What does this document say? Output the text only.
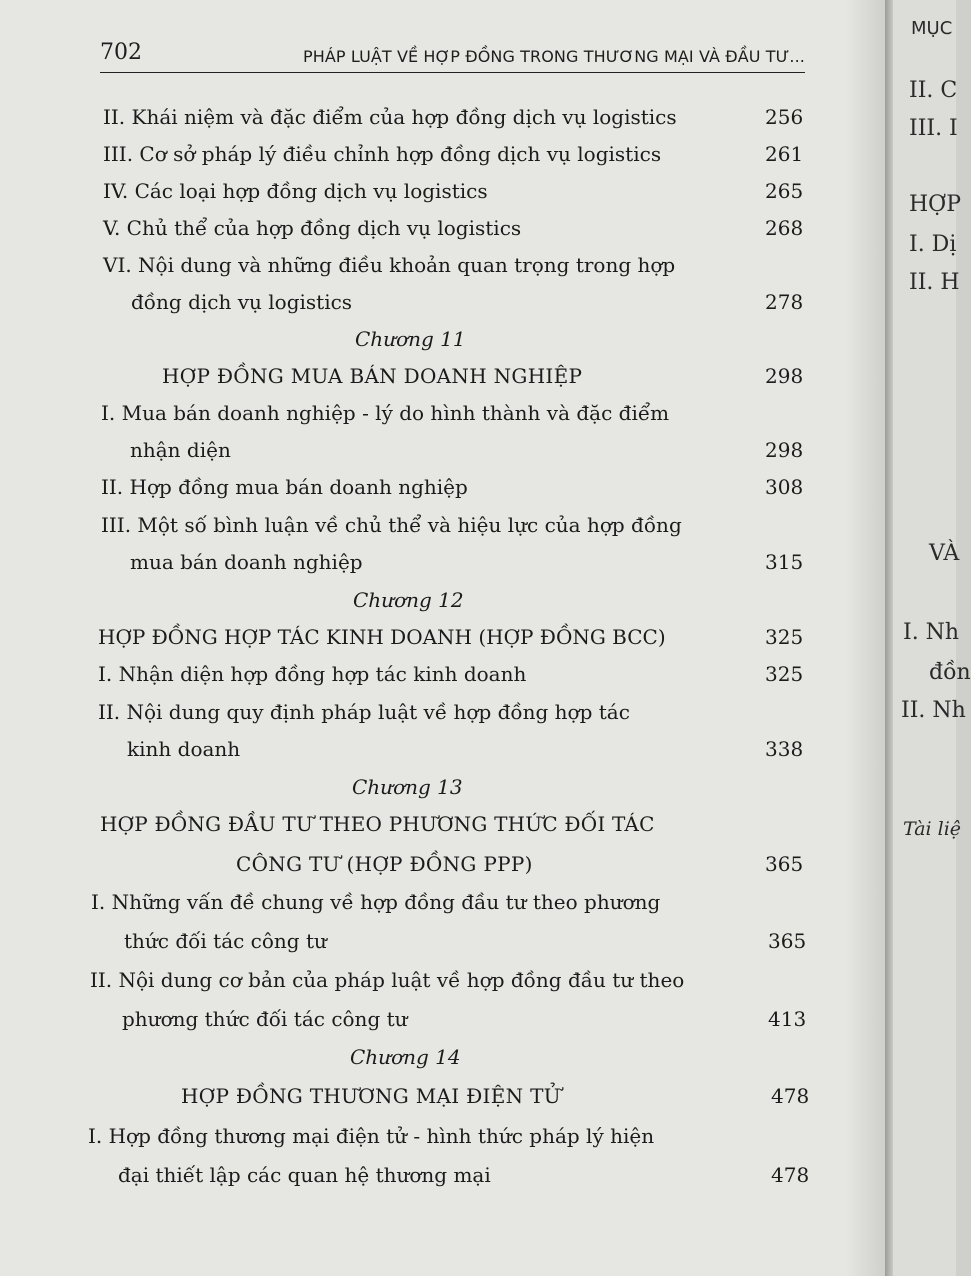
702	PHÁP LUẬT VỀ HỢP ĐỒNG TRONG THƯƠNG MẠI VÀ ĐẦU TƯ...
II. Khái niệm và đặc điểm của hợp đồng dịch vụ logistics	256
III. Cơ sở pháp lý điều chỉnh hợp đồng dịch vụ logistics	261
IV. Các loại hợp đồng dịch vụ logistics	265
V. Chủ thể của hợp đồng dịch vụ logistics	268
VI. Nội dung và những điều khoản quan trọng trong hợp
đồng dịch vụ logistics	278
Chương 11
HỢP ĐỒNG MUA BÁN DOANH NGHIỆP	298
I. Mua bán doanh nghiệp - lý do hình thành và đặc điểm
nhận diện	298
II. Hợp đồng mua bán doanh nghiệp	308
III. Một số bình luận về chủ thể và hiệu lực của hợp đồng
mua bán doanh nghiệp	315
Chương 12
HỢP ĐỒNG HỢP TÁC KINH DOANH (HỢP ĐỒNG BCC)	325
I. Nhận diện hợp đồng hợp tác kinh doanh	325
II. Nội dung quy định pháp luật về hợp đồng hợp tác
kinh doanh	338
Chương 13
HỢP ĐỒNG ĐẦU TƯ THEO PHƯƠNG THỨC ĐỐI TÁC
CÔNG TƯ (HỢP ĐỒNG PPP)	365
I. Những vấn đề chung về hợp đồng đầu tư theo phương
thức đối tác công tư	365
II. Nội dung cơ bản của pháp luật về hợp đồng đầu tư theo
phương thức đối tác công tư	413
Chương 14
HỢP ĐỒNG THƯƠNG MẠI ĐIỆN TỬ	478
I. Hợp đồng thương mại điện tử - hình thức pháp lý hiện
đại thiết lập các quan hệ thương mại	478
MỤC
II. C
III. I
HỢP
I. Dị
II. H
VÀ
I. Nh
đồn
II. Nh
Tài liệ
